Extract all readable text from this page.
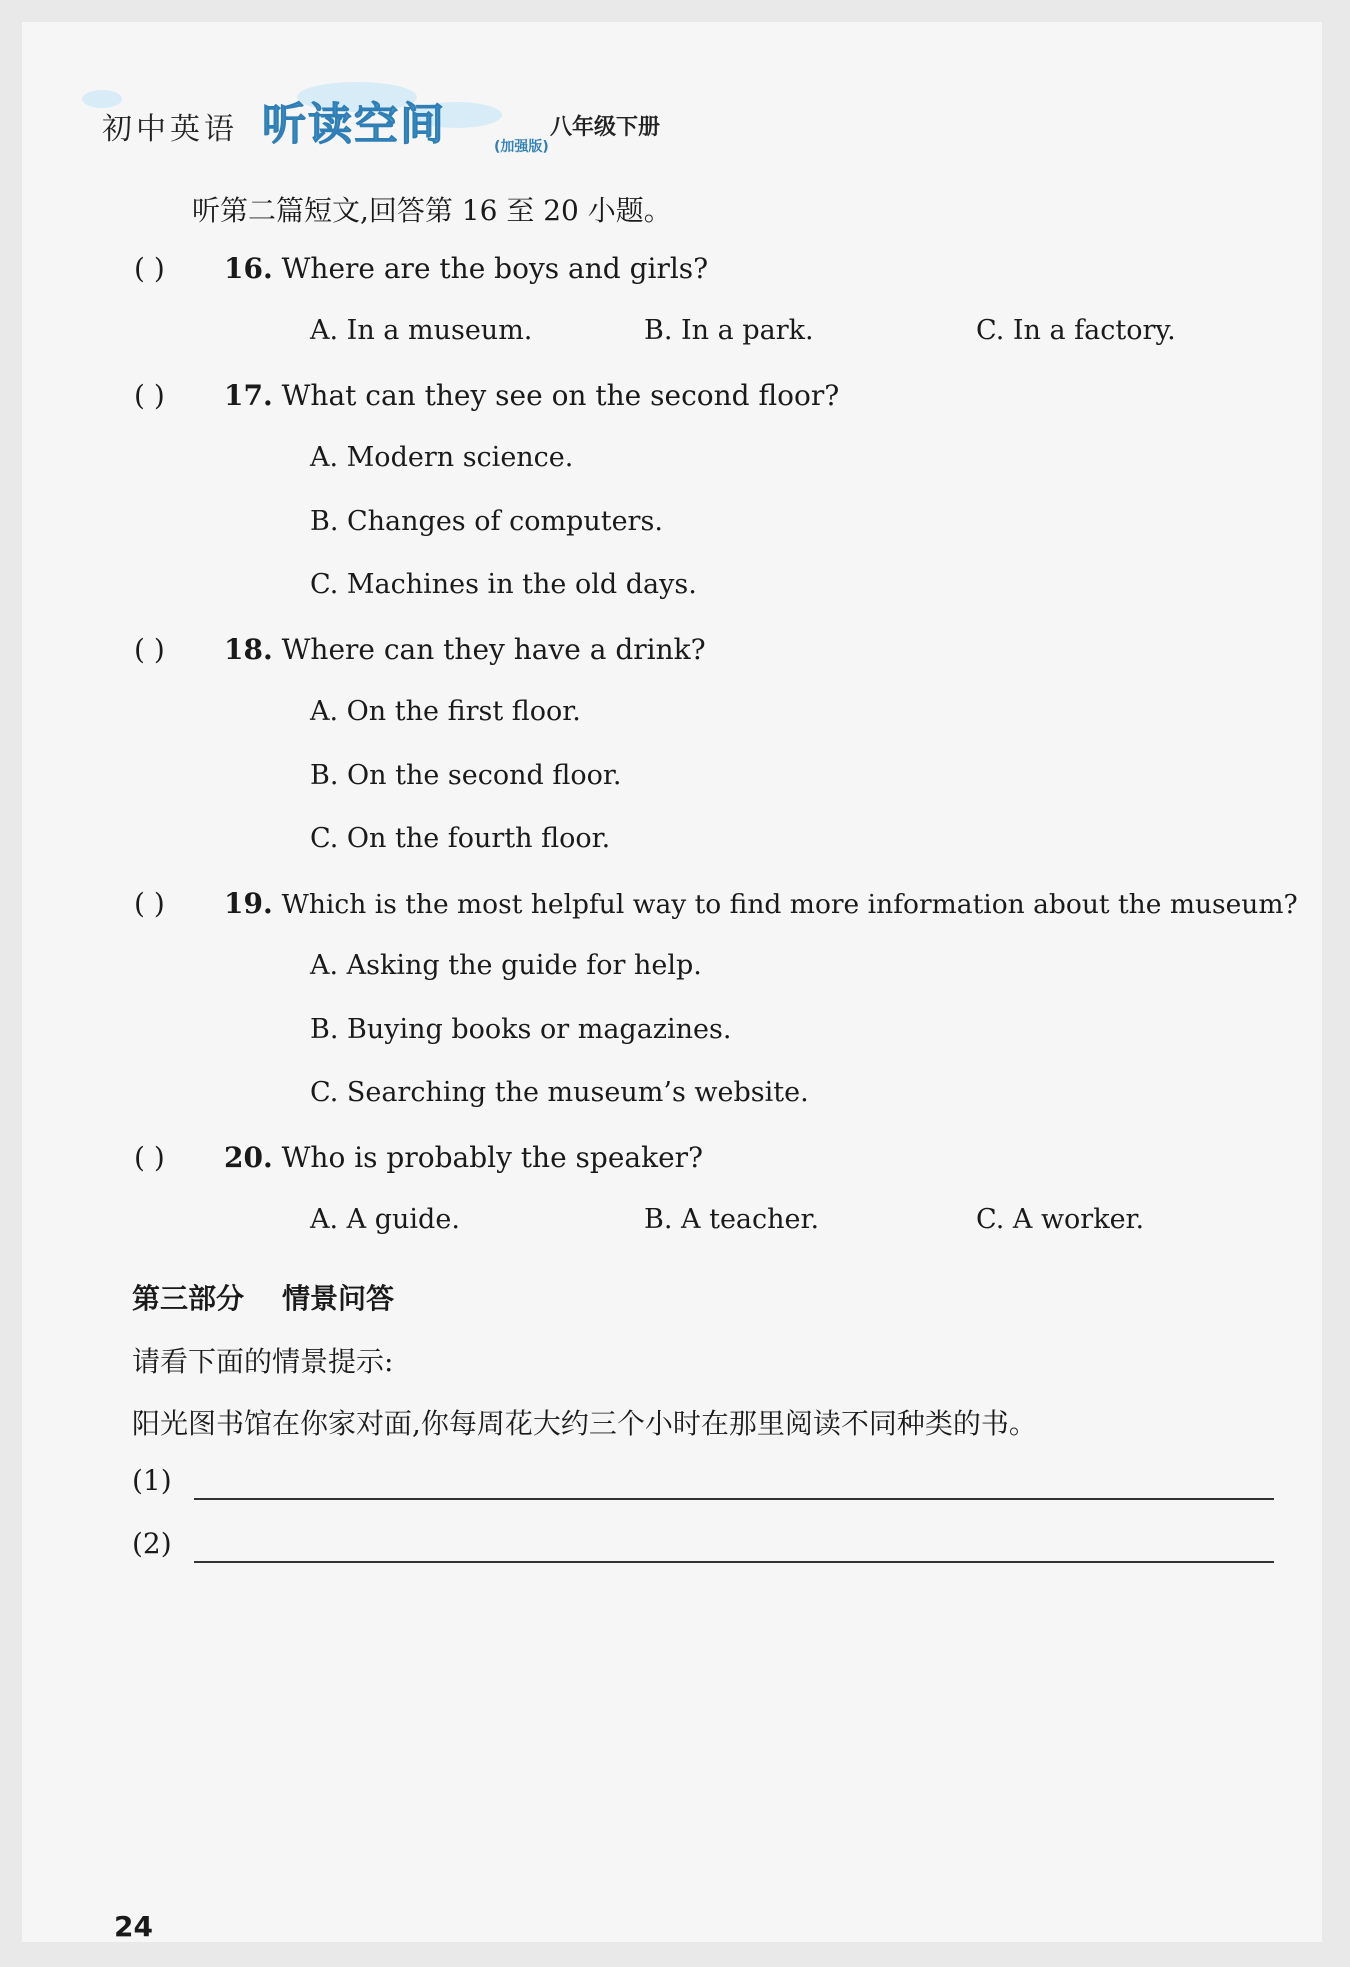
初中英语 听读空间	(加强版)
八年级下册
听第二篇短文,回答第 16 至 20 小题。
( ) 16. Where are the boys and girls?
A. In a museum.	B. In a park.	C. In a factory.
( ) 17. What can they see on the second floor?
A. Modern science.
B. Changes of computers.
C. Machines in the old days.
( ) 18. Where can they have a drink?
A. On the first floor.
B. On the second floor.
C. On the fourth floor.
( ) 19. Which is the most helpful way to find more information about the museum?
A. Asking the guide for help.
B. Buying books or magazines.
C. Searching the museum’s website.
( ) 20. Who is probably the speaker?
A. A guide.	B. A teacher.	C. A worker.
第三部分 情景问答
请看下面的情景提示:
阳光图书馆在你家对面,你每周花大约三个小时在那里阅读不同种类的书。
(1)
(2)
24
